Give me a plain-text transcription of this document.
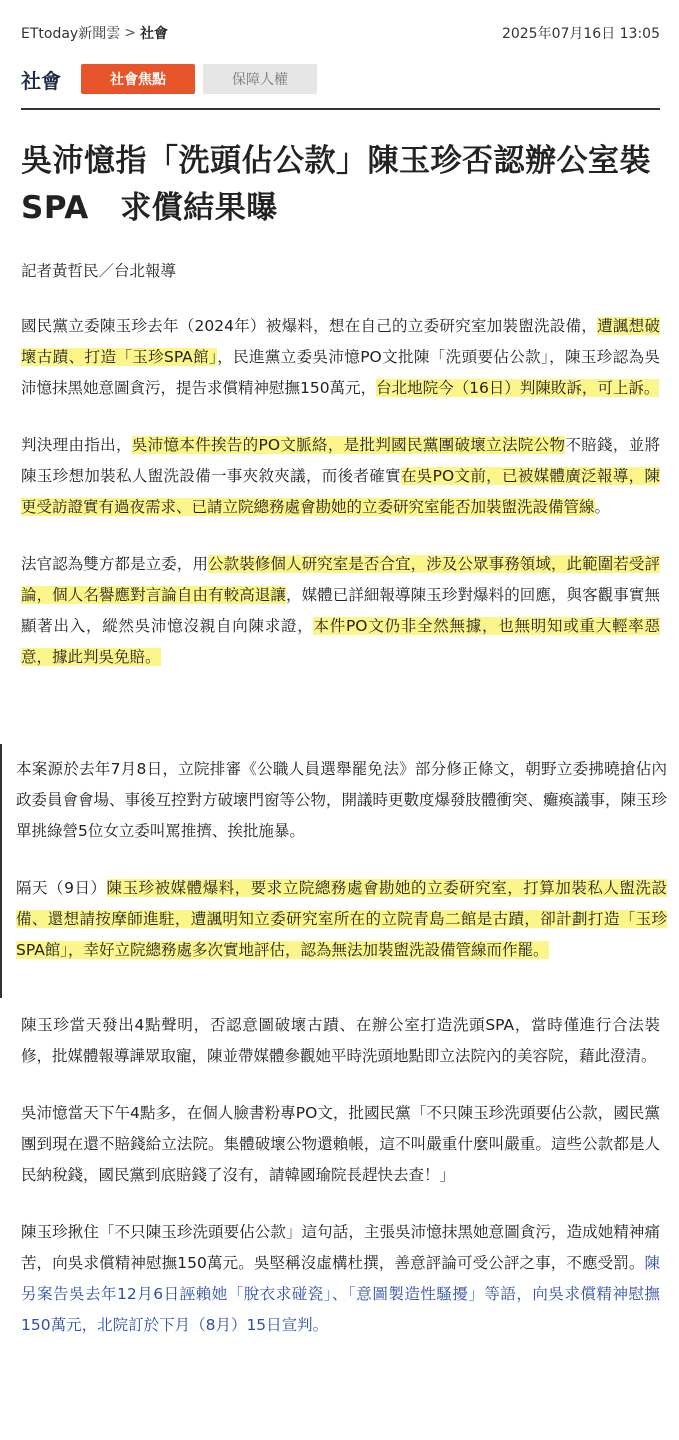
ETtoday新聞雲 > 社會	2025年07月16日 13:05
社會	社會焦點	保障人權
吳沛憶指「洗頭佔公款」陳玉珍否認辦公室裝
SPA　求償結果曝
記者黃哲民／台北報導

國民黨立委陳玉珍去年（2024年）被爆料，想在自己的立委研究室加裝盥洗設備，遭諷想破壞古蹟、打造「玉珍SPA館」，民進黨立委吳沛憶PO文批陳「洗頭要佔公款」，陳玉珍認為吳沛憶抹黑她意圖貪污，提告求償精神慰撫150萬元，台北地院今（16日）判陳敗訴，可上訴。

判決理由指出，吳沛憶本件挨告的PO文脈絡，是批判國民黨團破壞立法院公物不賠錢，並將陳玉珍想加裝私人盥洗設備一事夾敘夾議，而後者確實在吳PO文前，已被媒體廣泛報導，陳更受訪證實有過夜需求、已請立院總務處會勘她的立委研究室能否加裝盥洗設備管線。

法官認為雙方都是立委，用公款裝修個人研究室是否合宜，涉及公眾事務領域，此範圍若受評論，個人名譽應對言論自由有較高退讓，媒體已詳細報導陳玉珍對爆料的回應，與客觀事實無顯著出入，縱然吳沛憶沒親自向陳求證，本件PO文仍非全然無據，也無明知或重大輕率惡意，據此判吳免賠。

本案源於去年7月8日，立院排審《公職人員選舉罷免法》部分修正條文，朝野立委拂曉搶佔內政委員會會場、事後互控對方破壞門窗等公物，開議時更數度爆發肢體衝突、癱瘓議事，陳玉珍單挑綠營5位女立委叫罵推擠、挨批施暴。

隔天（9日）陳玉珍被媒體爆料，要求立院總務處會勘她的立委研究室，打算加裝私人盥洗設備、還想請按摩師進駐，遭諷明知立委研究室所在的立院青島二館是古蹟，卻計劃打造「玉珍SPA館」，幸好立院總務處多次實地評估，認為無法加裝盥洗設備管線而作罷。

陳玉珍當天發出4點聲明，否認意圖破壞古蹟、在辦公室打造洗頭SPA，當時僅進行合法裝修，批媒體報導譁眾取寵，陳並帶媒體參觀她平時洗頭地點即立法院內的美容院，藉此澄清。

吳沛憶當天下午4點多，在個人臉書粉專PO文，批國民黨「不只陳玉珍洗頭要佔公款，國民黨團到現在還不賠錢給立法院。集體破壞公物還賴帳，這不叫嚴重什麼叫嚴重。這些公款都是人民納稅錢，國民黨到底賠錢了沒有，請韓國瑜院長趕快去查！」

陳玉珍揪住「不只陳玉珍洗頭要佔公款」這句話，主張吳沛憶抹黑她意圖貪污，造成她精神痛苦，向吳求償精神慰撫150萬元。吳堅稱沒虛構杜撰，善意評論可受公評之事，不應受罰。陳另案告吳去年12月6日誣賴她「脫衣求碰瓷」、「意圖製造性騷擾」等語，向吳求償精神慰撫150萬元，北院訂於下月（8月）15日宣判。
